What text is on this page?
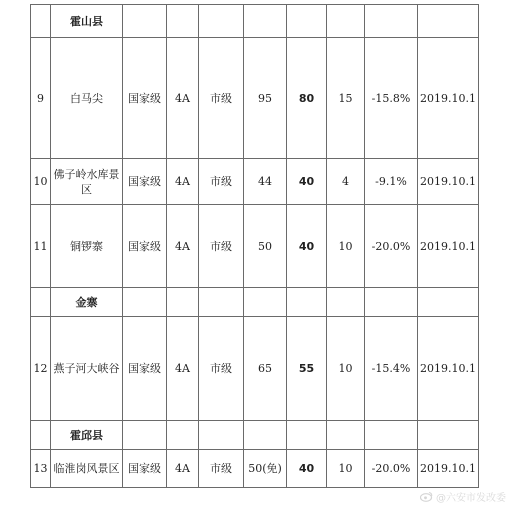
	霍山县								
9	白马尖	国家级	4A	市级	95	80	15	-15.8%	2019.10.1
10	佛子岭水库景区	国家级	4A	市级	44	40	4	-9.1%	2019.10.1
11	铜锣寨	国家级	4A	市级	50	40	10	-20.0%	2019.10.1
	金寨								
12	燕子河大峡谷	国家级	4A	市级	65	55	10	-15.4%	2019.10.1
	霍邱县								
13	临淮岗风景区	国家级	4A	市级	50(免)	40	10	-20.0%	2019.10.1
@六安市发改委
